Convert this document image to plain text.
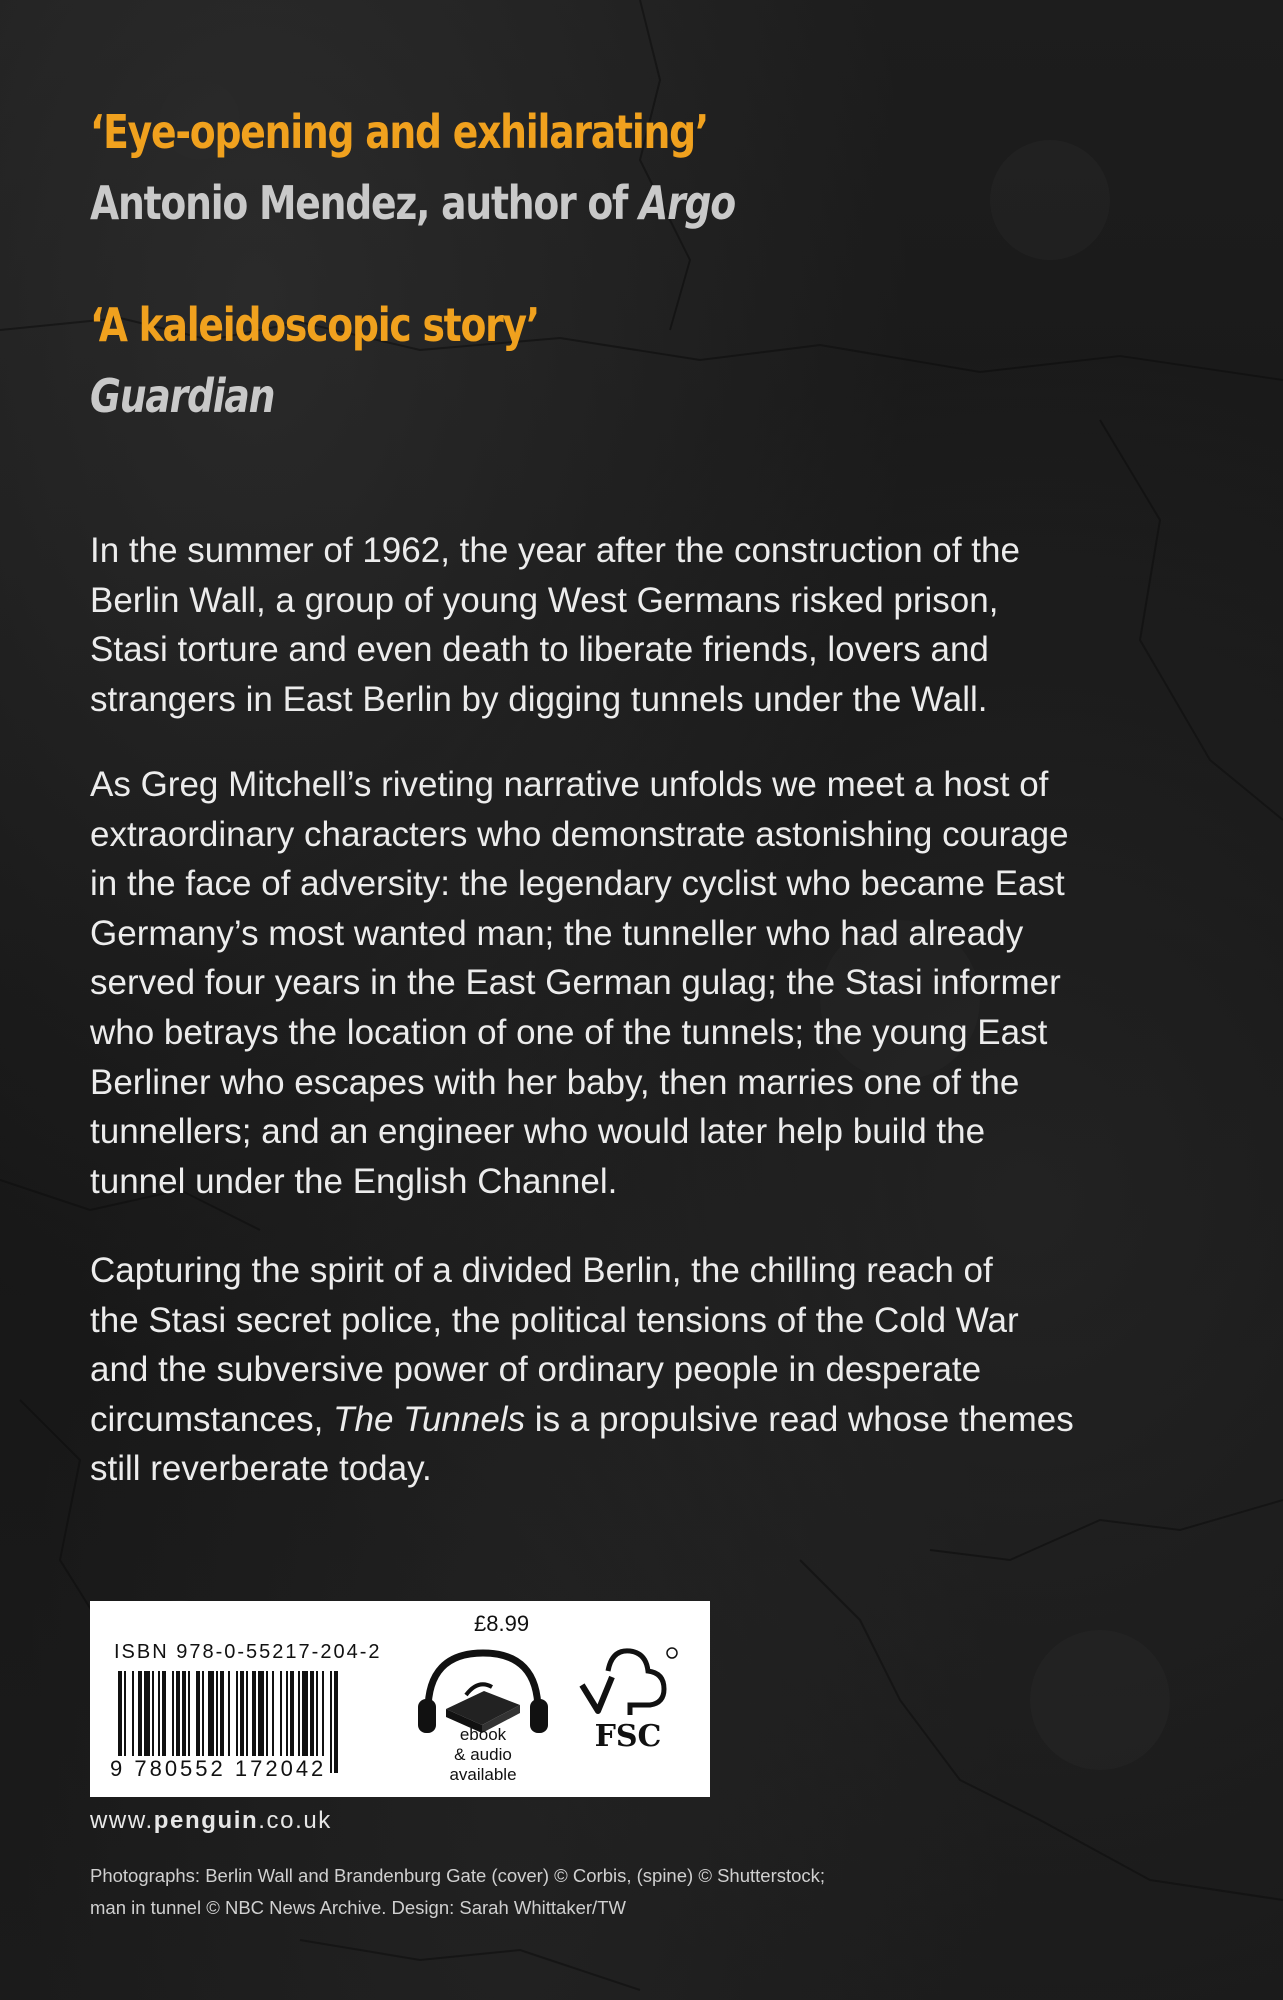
‘Eye-opening and exhilarating’
Antonio Mendez, author of Argo
‘A kaleidoscopic story’
Guardian
In the summer of 1962, the year after the construction of the
Berlin Wall, a group of young West Germans risked prison,
Stasi torture and even death to liberate friends, lovers and
strangers in East Berlin by digging tunnels under the Wall.
As Greg Mitchell’s riveting narrative unfolds we meet a host of
extraordinary characters who demonstrate astonishing courage
in the face of adversity: the legendary cyclist who became East
Germany’s most wanted man; the tunneller who had already
served four years in the East German gulag; the Stasi informer
who betrays the location of one of the tunnels; the young East
Berliner who escapes with her baby, then marries one of the
tunnellers; and an engineer who would later help build the
tunnel under the English Channel.
Capturing the spirit of a divided Berlin, the chilling reach of
the Stasi secret police, the political tensions of the Cold War
and the subversive power of ordinary people in desperate
circumstances, The Tunnels is a propulsive read whose themes
still reverberate today.
ISBN 978-0-55217-204-2
9 780552 172042
£8.99
ebook
& audio
available
FSC
www.penguin.co.uk
Photographs: Berlin Wall and Brandenburg Gate (cover) © Corbis, (spine) © Shutterstock;
man in tunnel © NBC News Archive. Design: Sarah Whittaker/TW
